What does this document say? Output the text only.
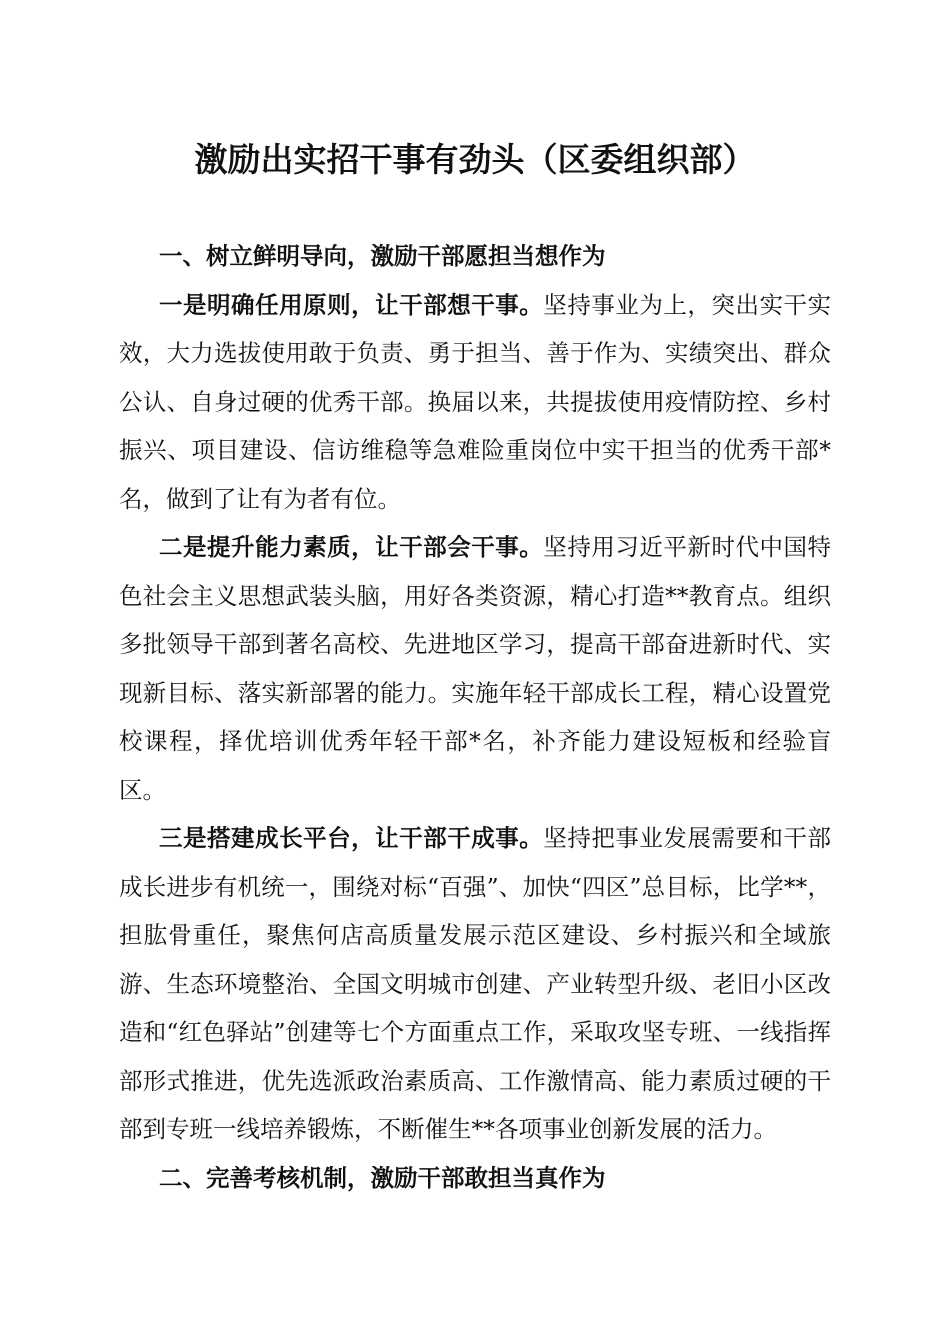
激励出实招干事有劲头（区委组织部）

一、树立鲜明导向，激励干部愿担当想作为

一是明确任用原则，让干部想干事。坚持事业为上，突出实干实效，大力选拔使用敢于负责、勇于担当、善于作为、实绩突出、群众公认、自身过硬的优秀干部。换届以来，共提拔使用疫情防控、乡村振兴、项目建设、信访维稳等急难险重岗位中实干担当的优秀干部*名，做到了让有为者有位。

二是提升能力素质，让干部会干事。坚持用习近平新时代中国特色社会主义思想武装头脑，用好各类资源，精心打造**教育点。组织多批领导干部到著名高校、先进地区学习，提高干部奋进新时代、实现新目标、落实新部署的能力。实施年轻干部成长工程，精心设置党校课程，择优培训优秀年轻干部*名，补齐能力建设短板和经验盲区。

三是搭建成长平台，让干部干成事。坚持把事业发展需要和干部成长进步有机统一，围绕对标“百强”、加快“四区”总目标，比学**，担肱骨重任，聚焦何店高质量发展示范区建设、乡村振兴和全域旅游、生态环境整治、全国文明城市创建、产业转型升级、老旧小区改造和“红色驿站”创建等七个方面重点工作，采取攻坚专班、一线指挥部形式推进，优先选派政治素质高、工作激情高、能力素质过硬的干部到专班一线培养锻炼，不断催生**各项事业创新发展的活力。

二、完善考核机制，激励干部敢担当真作为
